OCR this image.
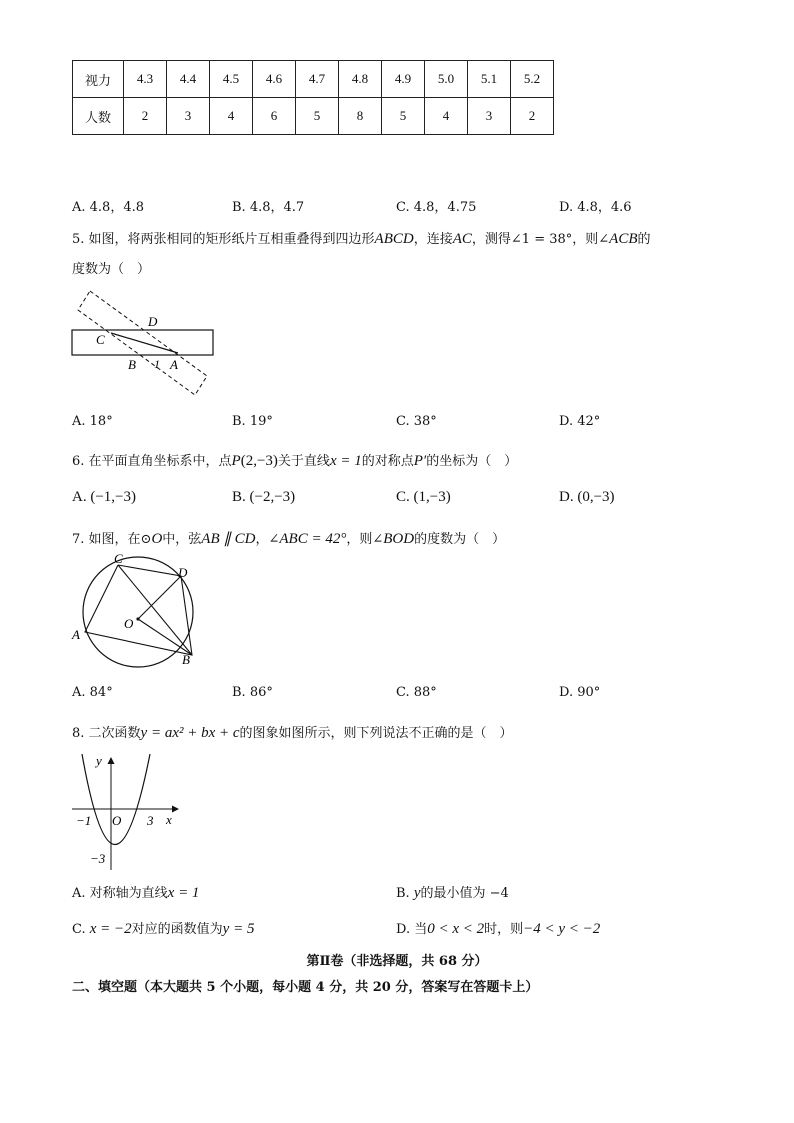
视力	4.3	4.4	4.5	4.6	4.7	4.8	4.9	5.0	5.1	5.2
人数	2	3	4	6	5	8	5	4	3	2
A. 4.8，4.8	B. 4.8，4.7	C. 4.8，4.75	D. 4.8，4.6
5. 如图，将两张相同的矩形纸片互相重叠得到四边形ABCD，连接AC，测得∠1 = 38°，则∠ACB的
度数为（　）
D
C
B 1 A
A. 18°	B. 19°	C. 38°	D. 42°
6. 在平面直角坐标系中，点P(2,−3)关于直线x = 1的对称点P′的坐标为（　）
A. (−1,−3)	B. (−2,−3)	C. (1,−3)	D. (0,−3)
7. 如图，在⊙O中，弦AB ∥ CD，∠ABC = 42°，则∠BOD的度数为（　）
C
D
A
O
B
A. 84°	B. 86°	C. 88°	D. 90°
8. 二次函数y = ax² + bx + c的图象如图所示，则下列说法不正确的是（　）
y
x
O
−1	3
−3
A. 对称轴为直线x = 1	B. y的最小值为 −4
C. x = −2对应的函数值为y = 5	D. 当0 < x < 2时，则−4 < y < −2
第Ⅱ卷（非选择题，共 68 分）
二、填空题（本大题共 5 个小题，每小题 4 分，共 20 分，答案写在答题卡上）
